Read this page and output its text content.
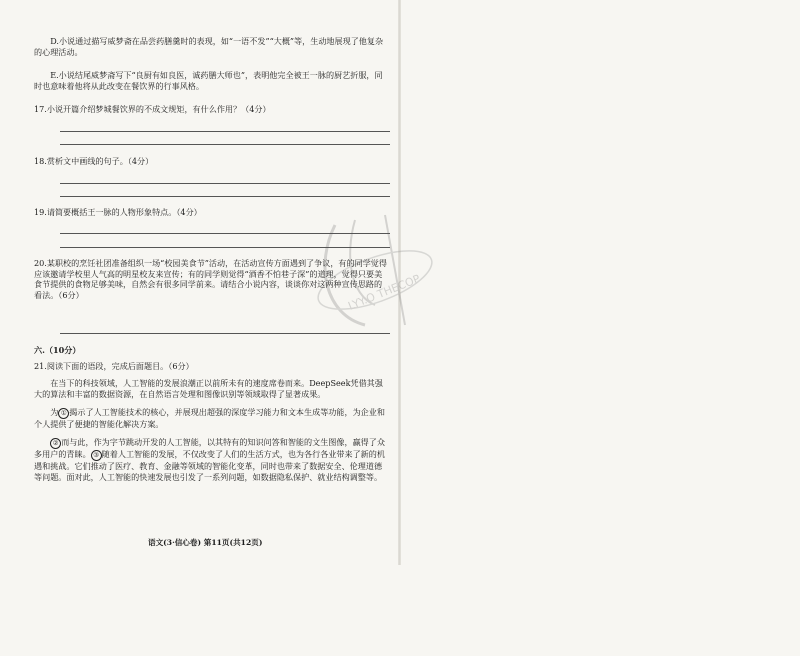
LYY.O THECOP

D.小说通过描写威梦斋在品尝药膳羹时的表现，如“一语不发”“大概”等，生动地展现了他复杂的心理活动。

E.小说结尾威梦斋写下“良厨有如良医，诚药膳大师也”，表明他完全被王一脉的厨艺折服，同时也意味着他将从此改变在餐饮界的行事风格。

17.小说开篇介绍梦城餐饮界的不成文规矩，有什么作用？（4分）

18.赏析文中画线的句子。（4分）

19.请简要概括王一脉的人物形象特点。（4分）

20.某职校的烹饪社团准备组织一场“校园美食节”活动，在活动宣传方面遇到了争议，有的同学觉得应该邀请学校里人气高的明星校友来宣传；有的同学则觉得“酒香不怕巷子深”的道理，觉得只要美食节提供的食物足够美味，自然会有很多同学前来。请结合小说内容，谈谈你对这两种宣传思路的看法。（6分）

六.（10分）

21.阅读下面的语段，完成后面题目。（6分）

在当下的科技领域，人工智能的发展浪潮正以前所未有的速度席卷而来。DeepSeek凭借其强大的算法和丰富的数据资源，在自然语言处理和图像识别等领域取得了显著成果。

为 ① 揭示了人工智能技术的核心，并展现出超强的深度学习能力和文本生成等功能，为企业和个人提供了便捷的智能化解决方案。

② 而与此，作为字节跳动开发的人工智能，以其特有的知识问答和智能的文生图像，赢得了众多用户的青睐。 ③ 随着人工智能的发展，不仅改变了人们的生活方式，也为各行各业带来了新的机遇和挑战。它们推动了医疗、教育、金融等领域的智能化变革，同时也带来了数据安全、伦理道德等问题。面对此，人工智能的快速发展也引发了一系列问题，如数据隐私保护、就业结构调整等。

语文(3·信心卷) 第11页(共12页)
